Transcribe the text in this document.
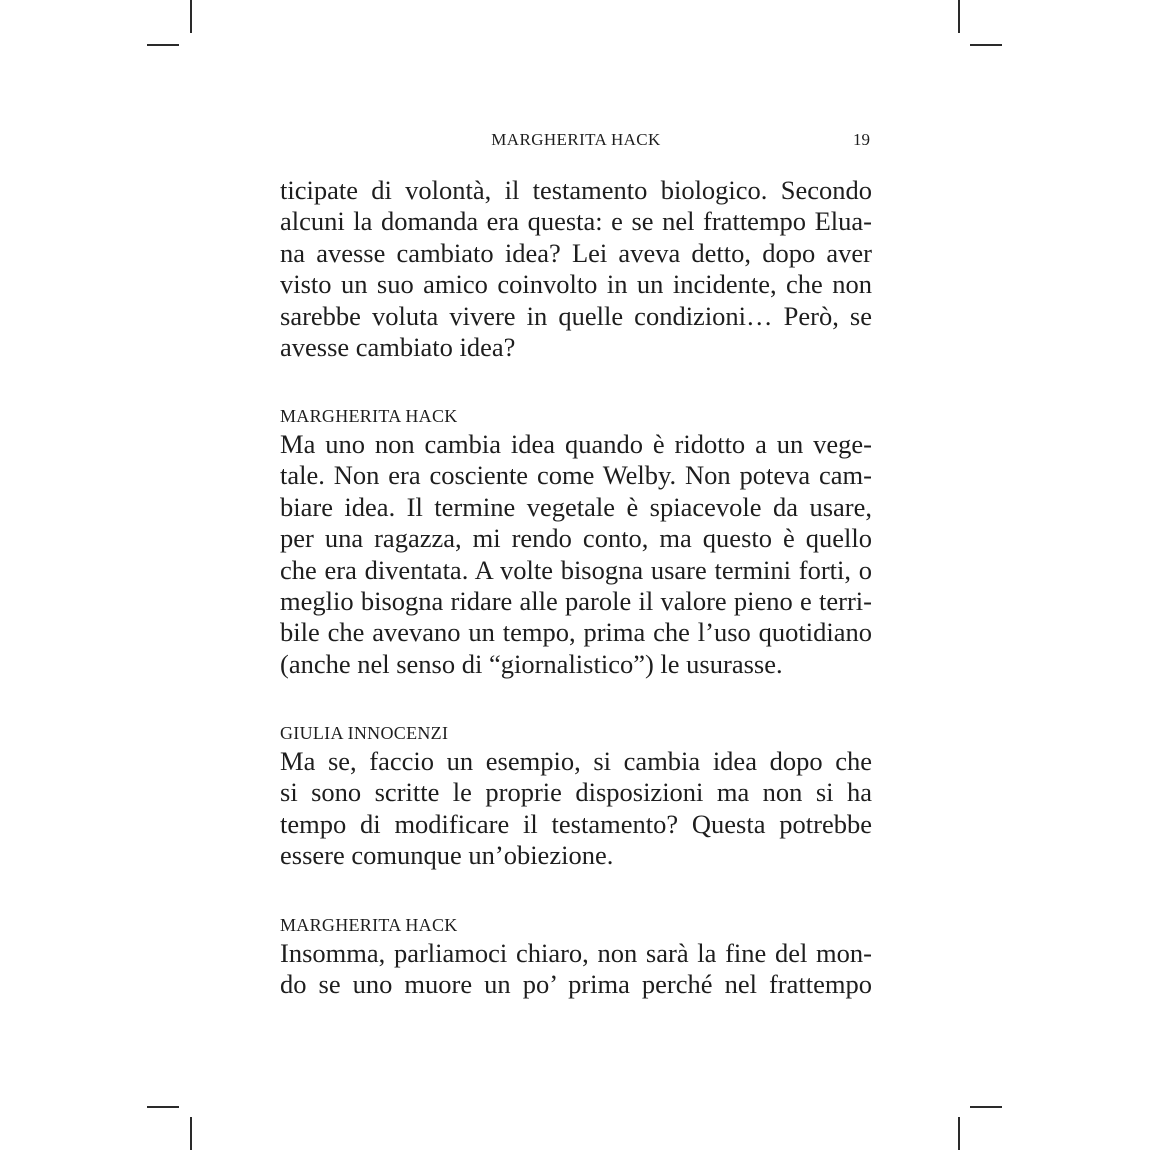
MARGHERITA HACK	19
ticipate di volontà, il testamento biologico. Secondo
alcuni la domanda era questa: e se nel frattempo Elua-
na avesse cambiato idea? Lei aveva detto, dopo aver
visto un suo amico coinvolto in un incidente, che non
sarebbe voluta vivere in quelle condizioni… Però, se
avesse cambiato idea?
MARGHERITA HACK
Ma uno non cambia idea quando è ridotto a un vege-
tale. Non era cosciente come Welby. Non poteva cam-
biare idea. Il termine vegetale è spiacevole da usare,
per una ragazza, mi rendo conto, ma questo è quello
che era diventata. A volte bisogna usare termini forti, o
meglio bisogna ridare alle parole il valore pieno e terri-
bile che avevano un tempo, prima che l’uso quotidiano
(anche nel senso di “giornalistico”) le usurasse.
GIULIA INNOCENZI
Ma se, faccio un esempio, si cambia idea dopo che
si sono scritte le proprie disposizioni ma non si ha
tempo di modificare il testamento? Questa potrebbe
essere comunque un’obiezione.
MARGHERITA HACK
Insomma, parliamoci chiaro, non sarà la fine del mon-
do se uno muore un po’ prima perché nel frattempo
